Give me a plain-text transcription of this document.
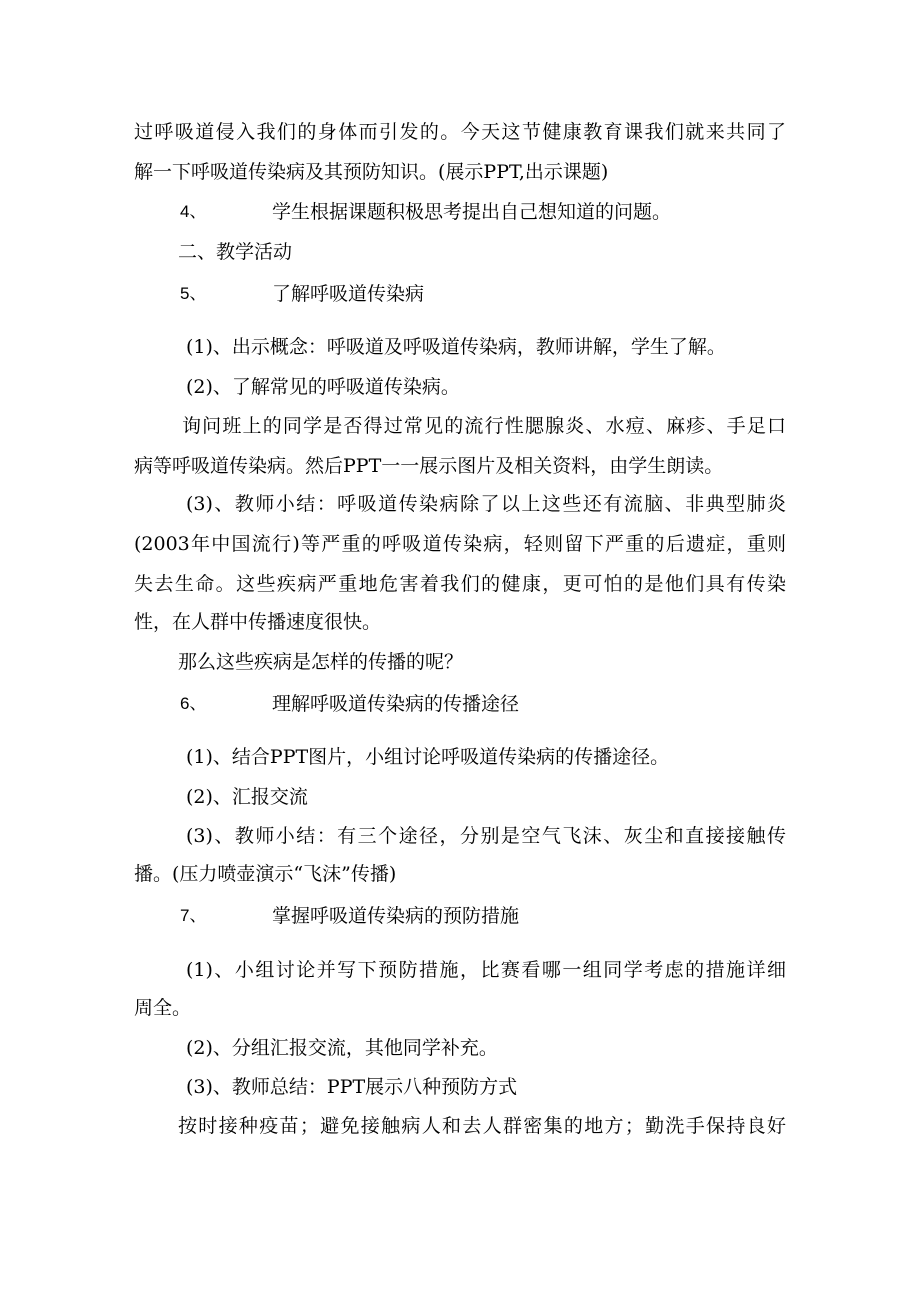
过呼吸道侵入我们的身体而引发的。今天这节健康教育课我们就来共同了

解一下呼吸道传染病及其预防知识。(展示PPT,出示课题)

4、	学生根据课题积极思考提出自己想知道的问题。

二、教学活动

5、	了解呼吸道传染病

(1)、出示概念：呼吸道及呼吸道传染病，教师讲解，学生了解。

(2)、了解常见的呼吸道传染病。

询问班上的同学是否得过常见的流行性腮腺炎、水痘、麻疹、手足口

病等呼吸道传染病。然后PPT一一展示图片及相关资料，由学生朗读。

(3)、教师小结：呼吸道传染病除了以上这些还有流脑、非典型肺炎

(2003年中国流行)等严重的呼吸道传染病，轻则留下严重的后遗症，重则

失去生命。这些疾病严重地危害着我们的健康，更可怕的是他们具有传染

性，在人群中传播速度很快。

那么这些疾病是怎样的传播的呢？

6、	理解呼吸道传染病的传播途径

(1)、结合PPT图片，小组讨论呼吸道传染病的传播途径。

(2)、汇报交流

(3)、教师小结：有三个途径，分别是空气飞沫、灰尘和直接接触传

播。(压力喷壶演示“飞沫”传播)

7、	掌握呼吸道传染病的预防措施

(1)、小组讨论并写下预防措施，比赛看哪一组同学考虑的措施详细

周全。

(2)、分组汇报交流，其他同学补充。

(3)、教师总结：PPT展示八种预防方式

按时接种疫苗；避免接触病人和去人群密集的地方；勤洗手保持良好
